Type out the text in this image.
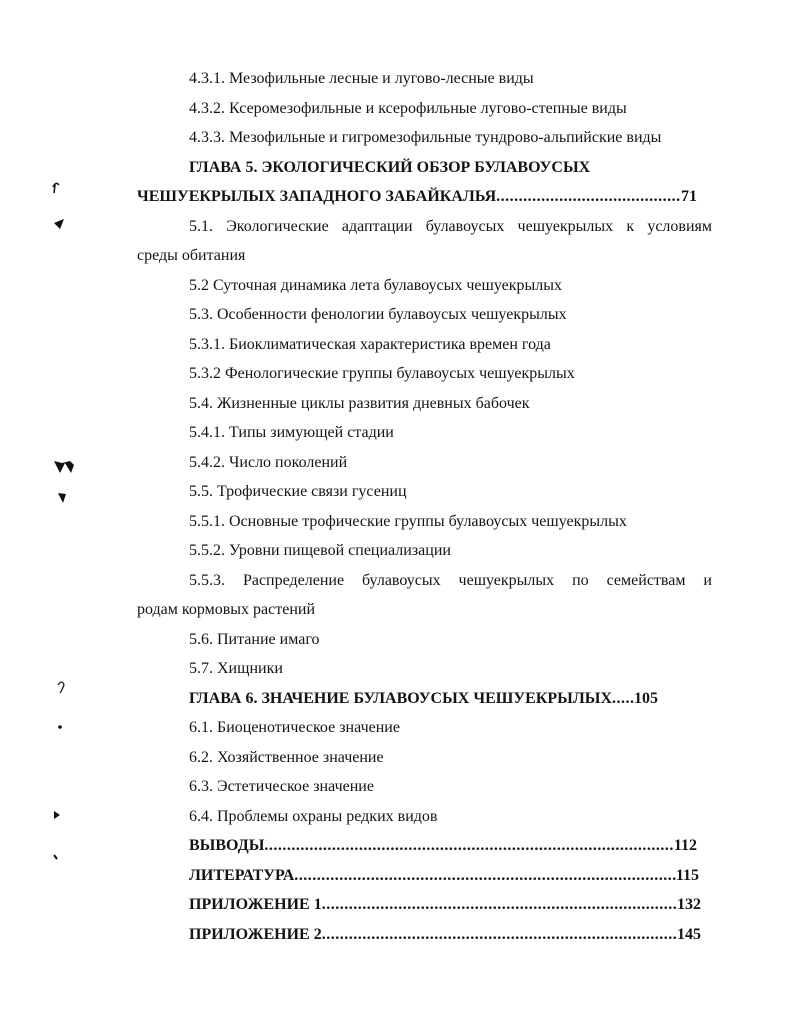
4.3.1. Мезофильные лесные и лугово-лесные виды
4.3.2. Ксеромезофильные и ксерофильные лугово-степные виды
4.3.3. Мезофильные и гигромезофильные тундрово-альпийские виды
ГЛАВА 5. ЭКОЛОГИЧЕСКИЙ ОБЗОР БУЛАВОУСЫХ
ЧЕШУЕКРЫЛЫХ ЗАПАДНОГО ЗАБАЙКАЛЬЯ .....	71
5.1. Экологические адаптации булавоусых чешуекрылых к условиям
среды обитания
5.2 Суточная динамика лета булавоусых чешуекрылых
5.3. Особенности фенологии булавоусых чешуекрылых
5.3.1. Биоклиматическая характеристика времен года
5.3.2 Фенологические группы булавоусых чешуекрылых
5.4. Жизненные циклы развития дневных бабочек
5.4.1. Типы зимующей стадии
5.4.2. Число поколений
5.5. Трофические связи гусениц
5.5.1. Основные трофические группы булавоусых чешуекрылых
5.5.2. Уровни пищевой специализации
5.5.3. Распределение булавоусых чешуекрылых по семействам и
родам кормовых растений
5.6. Питание имаго
5.7. Хищники
ГЛАВА 6. ЗНАЧЕНИЕ БУЛАВОУСЫХ ЧЕШУЕКРЫЛЫХ ..... 105
6.1. Биоценотическое значение
6.2. Хозяйственное значение
6.3. Эстетическое значение
6.4. Проблемы охраны редких видов
ВЫВОДЫ .....	112
ЛИТЕРАТУРА .....	115
ПРИЛОЖЕНИЕ 1 .....	132
ПРИЛОЖЕНИЕ 2 .....	145
